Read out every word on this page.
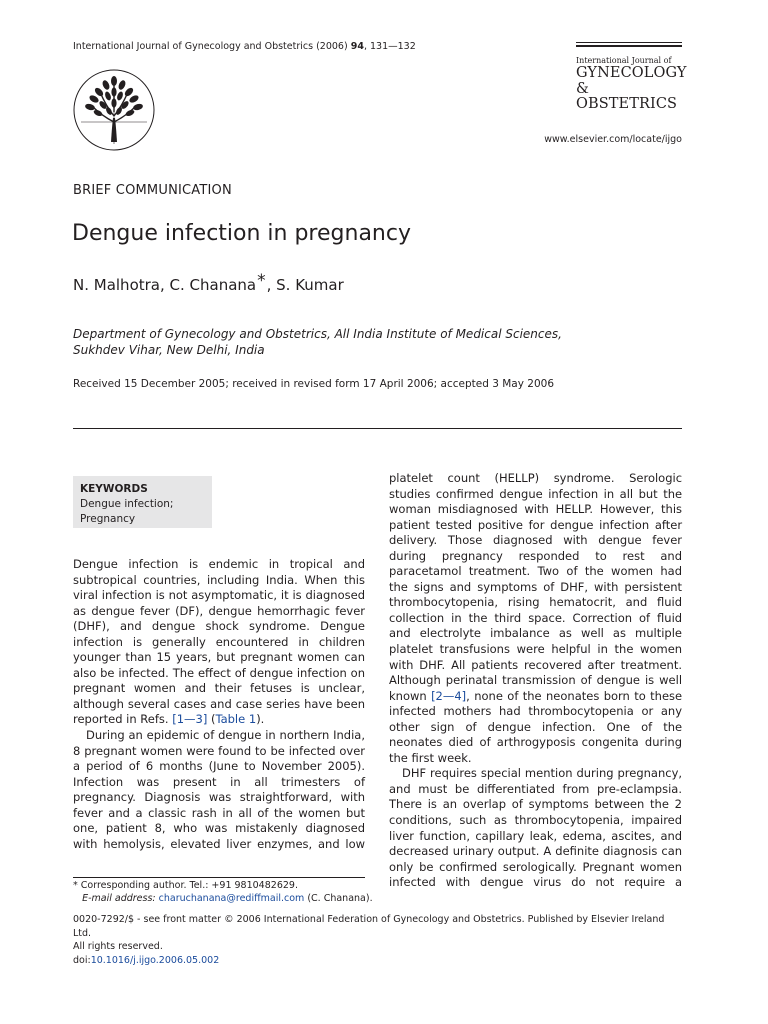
International Journal of Gynecology and Obstetrics (2006) 94, 131—132
International Journal of
GYNECOLOGY
& OBSTETRICS
www.elsevier.com/locate/ijgo
BRIEF COMMUNICATION
Dengue infection in pregnancy
N. Malhotra, C. Chanana*, S. Kumar
Department of Gynecology and Obstetrics, All India Institute of Medical Sciences,
Sukhdev Vihar, New Delhi, India
Received 15 December 2005; received in revised form 17 April 2006; accepted 3 May 2006
KEYWORDS
Dengue infection;
Pregnancy

Dengue infection is endemic in tropical and subtropical countries, including India. When this viral infection is not asymptomatic, it is diagnosed as dengue fever (DF), dengue hemorrhagic fever (DHF), and dengue shock syndrome. Dengue infection is generally encountered in children younger than 15 years, but pregnant women can also be infected. The effect of dengue infection on pregnant women and their fetuses is unclear, although several cases and case series have been reported in Refs. [1—3] (Table 1).

During an epidemic of dengue in northern India, 8 pregnant women were found to be infected over a period of 6 months (June to November 2005). Infection was present in all trimesters of pregnancy. Diagnosis was straightforward, with fever and a classic rash in all of the women but one, patient 8, who was mistakenly diagnosed with hemolysis, elevated liver enzymes, and low

platelet count (HELLP) syndrome. Serologic studies confirmed dengue infection in all but the woman misdiagnosed with HELLP. However, this patient tested positive for dengue infection after delivery. Those diagnosed with dengue fever during pregnancy responded to rest and paracetamol treatment. Two of the women had the signs and symptoms of DHF, with persistent thrombocytopenia, rising hematocrit, and fluid collection in the third space. Correction of fluid and electrolyte imbalance as well as multiple platelet transfusions were helpful in the women with DHF. All patients recovered after treatment. Although perinatal transmission of dengue is well known [2—4], none of the neonates born to these infected mothers had thrombocytopenia or any other sign of dengue infection. One of the neonates died of arthrogyposis congenita during the first week.

DHF requires special mention during pregnancy, and must be differentiated from pre-eclampsia. There is an overlap of symptoms between the 2 conditions, such as thrombocytopenia, impaired liver function, capillary leak, edema, ascites, and decreased urinary output. A definite diagnosis can only be confirmed serologically. Pregnant women infected with dengue virus do not require a

* Corresponding author. Tel.: +91 9810482629.
E-mail address: charuchanana@rediffmail.com (C. Chanana).
0020-7292/$ - see front matter © 2006 International Federation of Gynecology and Obstetrics. Published by Elsevier Ireland Ltd.
All rights reserved.
doi:10.1016/j.ijgo.2006.05.002
